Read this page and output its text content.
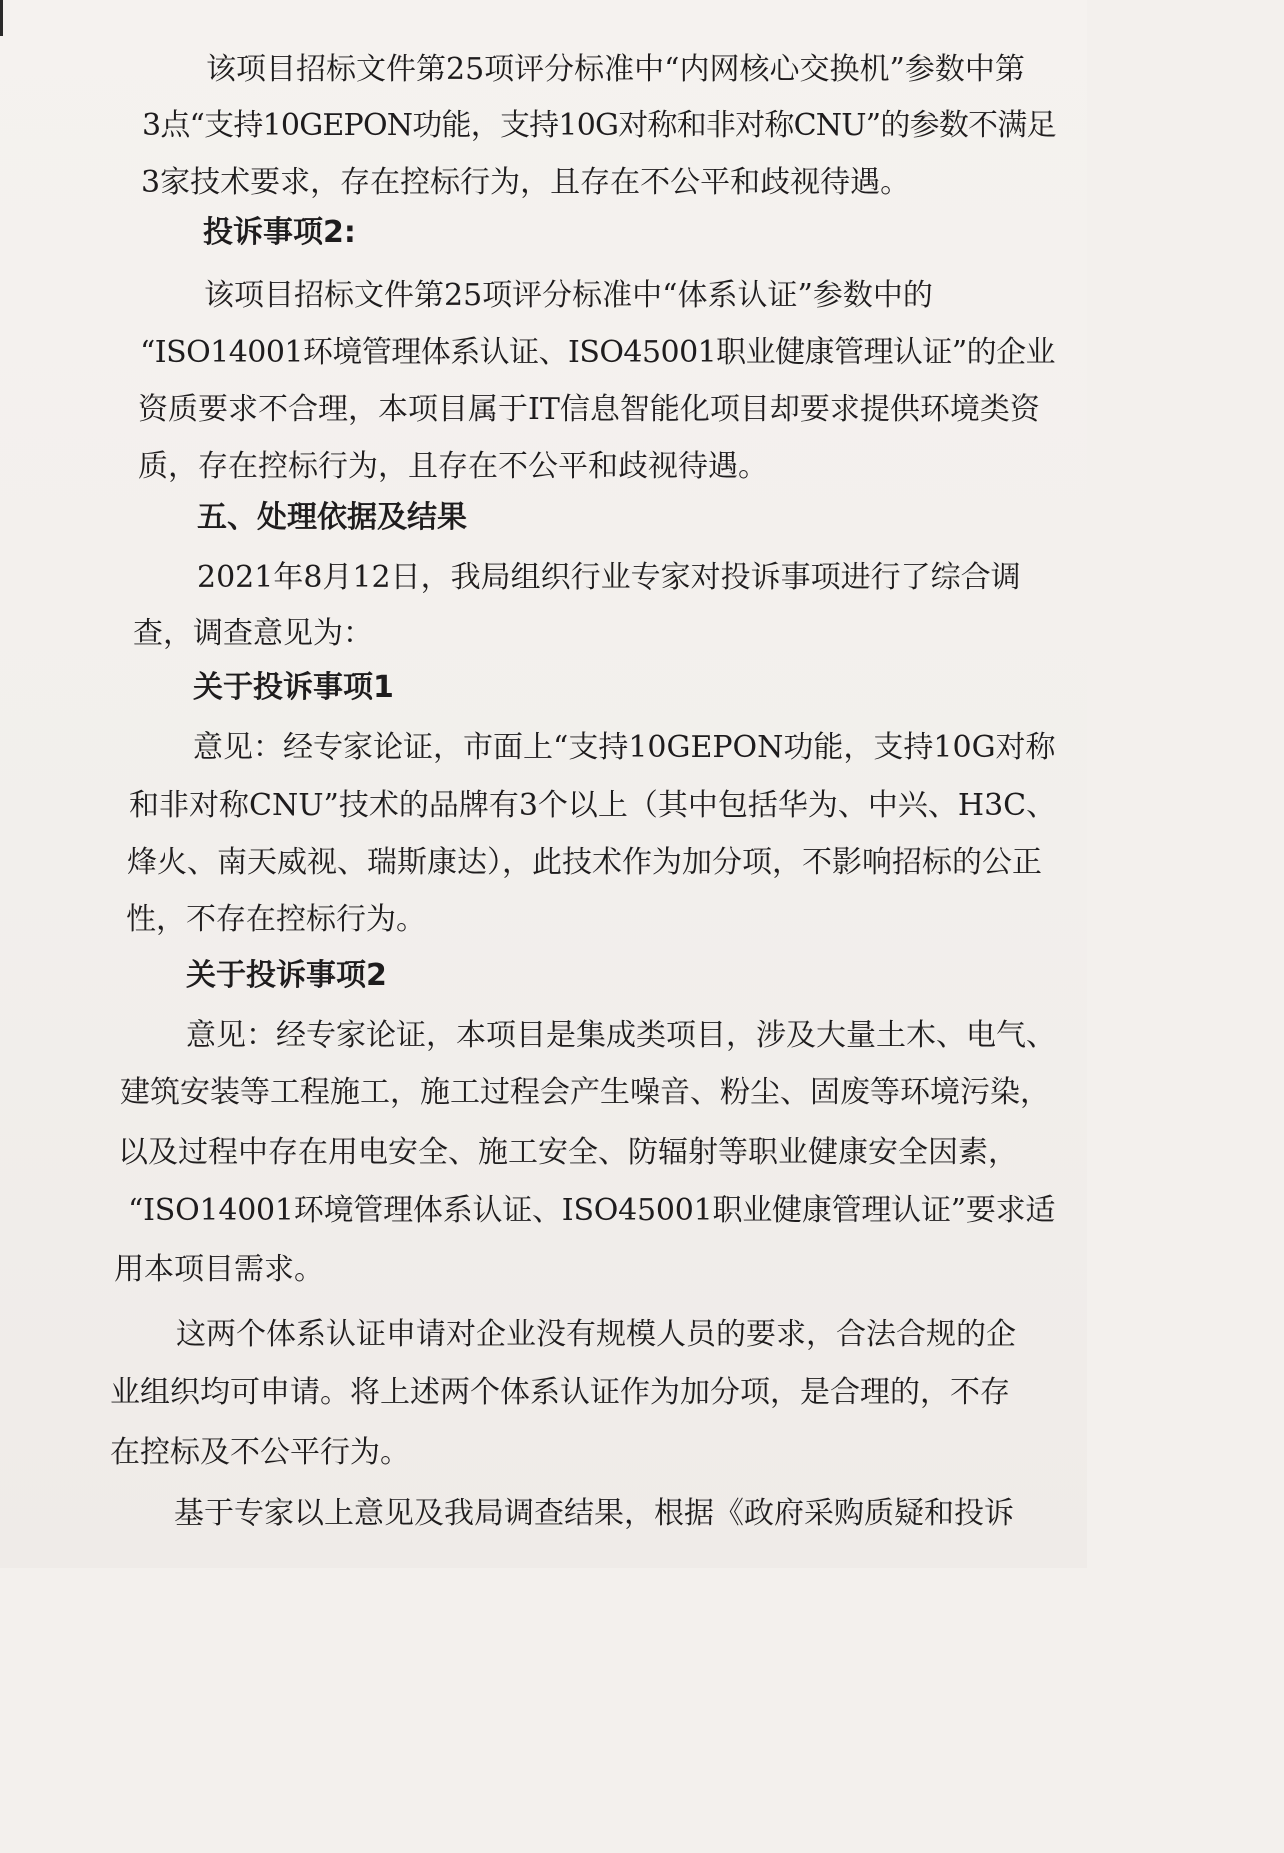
该项目招标文件第25项评分标准中“内网核心交换机”参数中第
3点“支持10GEPON功能，支持10G对称和非对称CNU”的参数不满足
3家技术要求，存在控标行为，且存在不公平和歧视待遇。
投诉事项2:
该项目招标文件第25项评分标准中“体系认证”参数中的
“ISO14001环境管理体系认证、ISO45001职业健康管理认证”的企业
资质要求不合理，本项目属于IT信息智能化项目却要求提供环境类资
质，存在控标行为，且存在不公平和歧视待遇。
五、处理依据及结果
2021年8月12日，我局组织行业专家对投诉事项进行了综合调
查，调查意见为：
关于投诉事项1
意见：经专家论证，市面上“支持10GEPON功能，支持10G对称
和非对称CNU”技术的品牌有3个以上（其中包括华为、中兴、H3C、
烽火、南天威视、瑞斯康达），此技术作为加分项，不影响招标的公正
性，不存在控标行为。
关于投诉事项2
意见：经专家论证，本项目是集成类项目，涉及大量土木、电气、
建筑安装等工程施工，施工过程会产生噪音、粉尘、固废等环境污染，
以及过程中存在用电安全、施工安全、防辐射等职业健康安全因素，
“ISO14001环境管理体系认证、ISO45001职业健康管理认证”要求适
用本项目需求。
这两个体系认证申请对企业没有规模人员的要求，合法合规的企
业组织均可申请。将上述两个体系认证作为加分项，是合理的，不存
在控标及不公平行为。
基于专家以上意见及我局调查结果，根据《政府采购质疑和投诉
